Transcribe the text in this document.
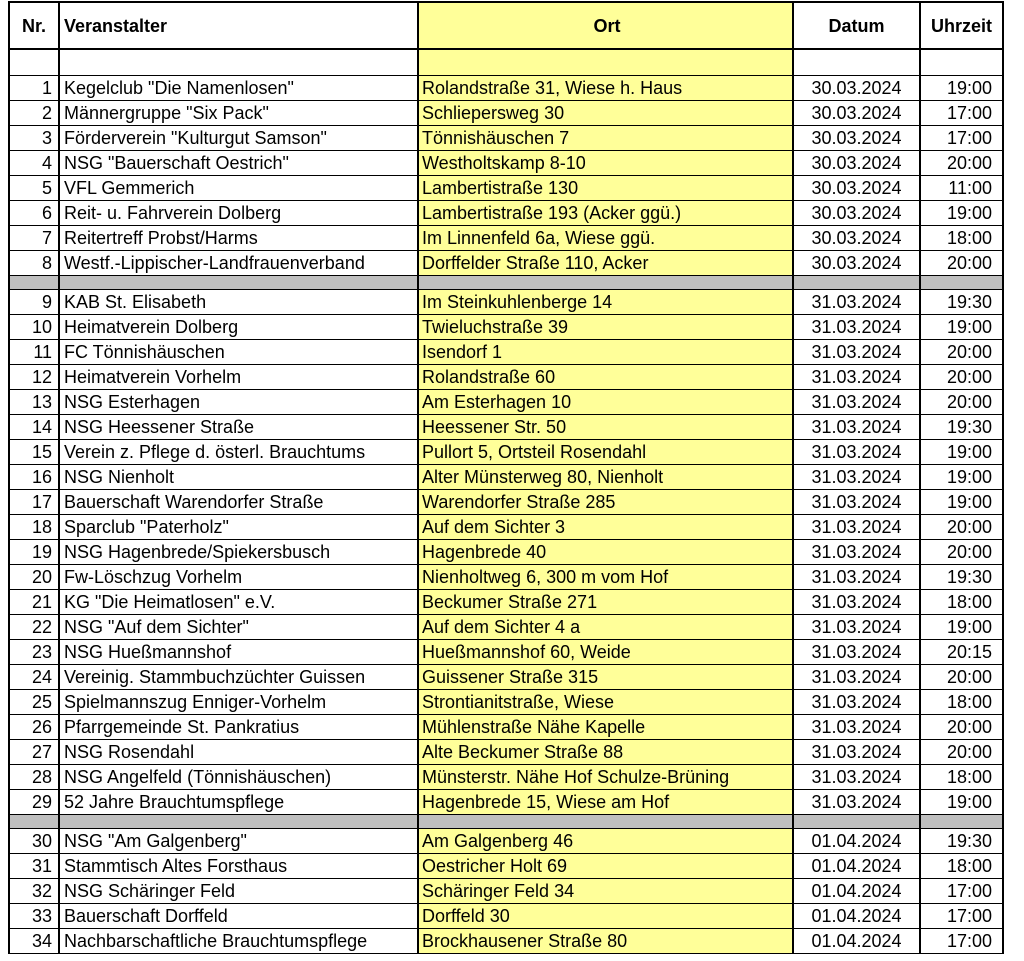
Nr.	Veranstalter	Ort	Datum	Uhrzeit
1 Kegelclub "Die Namenlosen"	Rolandstraße 31, Wiese h. Haus	30.03.2024	19:00
2 Männergruppe "Six Pack"	Schliepersweg 30	30.03.2024	17:00
3 Förderverein "Kulturgut Samson"	Tönnishäuschen 7	30.03.2024	17:00
4 NSG "Bauerschaft Oestrich"	Westholtskamp 8-10	30.03.2024	20:00
5 VFL Gemmerich	Lambertistraße 130	30.03.2024	11:00
6 Reit- u. Fahrverein Dolberg	Lambertistraße 193 (Acker ggü.)	30.03.2024	19:00
7 Reitertreff Probst/Harms	Im Linnenfeld 6a, Wiese ggü.	30.03.2024	18:00
8 Westf.-Lippischer-Landfrauenverband	Dorffelder Straße 110, Acker	30.03.2024	20:00
9 KAB St. Elisabeth	Im Steinkuhlenberge 14	31.03.2024	19:30
10 Heimatverein Dolberg	Twieluchstraße 39	31.03.2024	19:00
11 FC Tönnishäuschen	Isendorf 1	31.03.2024	20:00
12 Heimatverein Vorhelm	Rolandstraße 60	31.03.2024	20:00
13 NSG Esterhagen	Am Esterhagen 10	31.03.2024	20:00
14 NSG Heessener Straße	Heessener Str. 50	31.03.2024	19:30
15 Verein z. Pflege d. österl. Brauchtums	Pullort 5, Ortsteil Rosendahl	31.03.2024	19:00
16 NSG Nienholt	Alter Münsterweg 80, Nienholt	31.03.2024	19:00
17 Bauerschaft Warendorfer Straße	Warendorfer Straße 285	31.03.2024	19:00
18 Sparclub "Paterholz"	Auf dem Sichter 3	31.03.2024	20:00
19 NSG Hagenbrede/Spiekersbusch	Hagenbrede 40	31.03.2024	20:00
20 Fw-Löschzug Vorhelm	Nienholtweg 6, 300 m vom Hof	31.03.2024	19:30
21 KG "Die Heimatlosen" e.V.	Beckumer Straße 271	31.03.2024	18:00
22 NSG "Auf dem Sichter"	Auf dem Sichter 4 a	31.03.2024	19:00
23 NSG Hueßmannshof	Hueßmannshof 60, Weide	31.03.2024	20:15
24 Vereinig. Stammbuchzüchter Guissen	Guissener Straße 315	31.03.2024	20:00
25 Spielmannszug Enniger-Vorhelm	Strontianitstraße, Wiese	31.03.2024	18:00
26 Pfarrgemeinde St. Pankratius	Mühlenstraße Nähe Kapelle	31.03.2024	20:00
27 NSG Rosendahl	Alte Beckumer Straße 88	31.03.2024	20:00
28 NSG Angelfeld (Tönnishäuschen)	Münsterstr. Nähe Hof Schulze-Brüning	31.03.2024	18:00
29 52 Jahre Brauchtumspflege	Hagenbrede 15, Wiese am Hof	31.03.2024	19:00
30 NSG "Am Galgenberg"	Am Galgenberg 46	01.04.2024	19:30
31 Stammtisch Altes Forsthaus	Oestricher Holt 69	01.04.2024	18:00
32 NSG Schäringer Feld	Schäringer Feld 34	01.04.2024	17:00
33 Bauerschaft Dorffeld	Dorffeld 30	01.04.2024	17:00
34 Nachbarschaftliche Brauchtumspflege	Brockhausener Straße 80	01.04.2024	17:00
